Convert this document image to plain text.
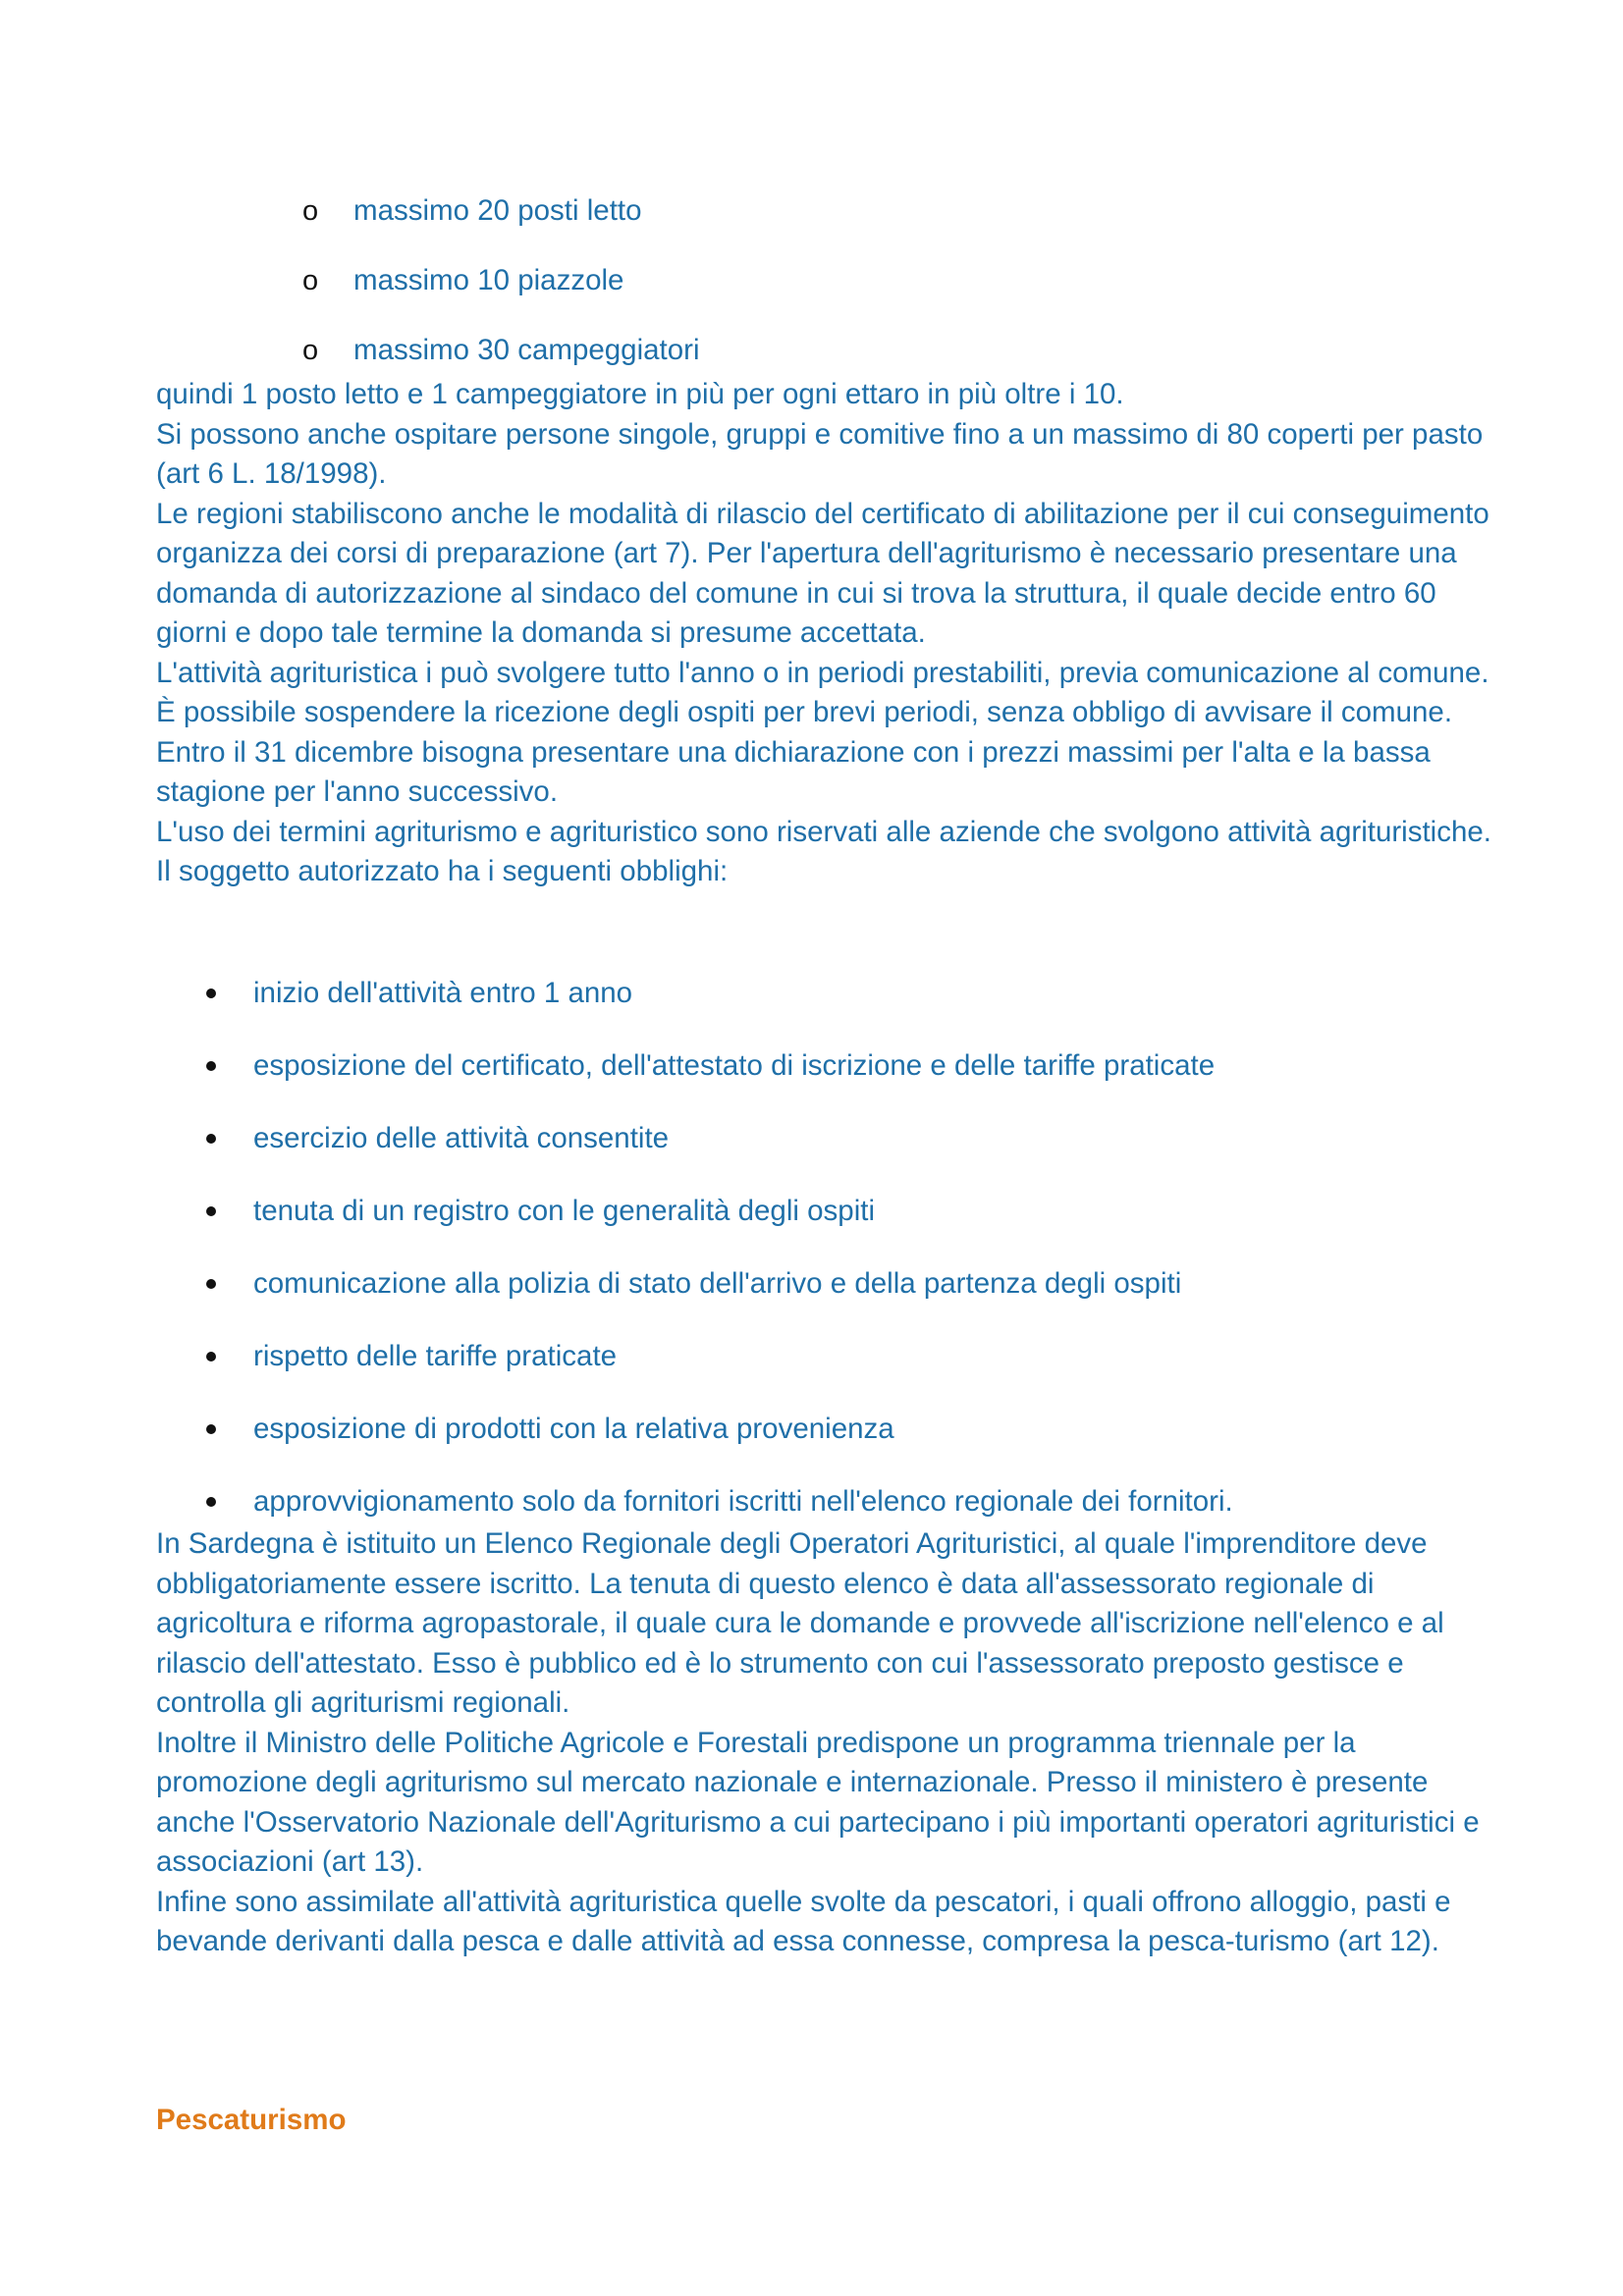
o massimo 20 posti letto
o massimo 10 piazzole
o massimo 30 campeggiatori

quindi 1 posto letto e 1 campeggiatore in più per ogni ettaro in più oltre i 10.

Si possono anche ospitare persone singole, gruppi e comitive fino a un massimo di 80 coperti per pasto (art 6 L. 18/1998).

Le regioni stabiliscono anche le modalità di rilascio del certificato di abilitazione per il cui conseguimento organizza dei corsi di preparazione (art 7). Per l'apertura dell'agriturismo è necessario presentare una domanda di autorizzazione al sindaco del comune in cui si trova la struttura, il quale decide entro 60 giorni e dopo tale termine la domanda si presume accettata.

L'attività agrituristica i può svolgere tutto l'anno o in periodi prestabiliti, previa comunicazione al comune. È possibile sospendere la ricezione degli ospiti per brevi periodi, senza obbligo di avvisare il comune.

Entro il 31 dicembre bisogna presentare una dichiarazione con i prezzi massimi per l'alta e la bassa stagione per l'anno successivo.

L'uso dei termini agriturismo e agrituristico sono riservati alle aziende che svolgono attività agrituristiche.

Il soggetto autorizzato ha i seguenti obblighi:

inizio dell'attività entro 1 anno
esposizione del certificato, dell'attestato di iscrizione e delle tariffe praticate
esercizio delle attività consentite
tenuta di un registro con le generalità degli ospiti
comunicazione alla polizia di stato dell'arrivo e della partenza degli ospiti
rispetto delle tariffe praticate
esposizione di prodotti con la relativa provenienza
approvvigionamento solo da fornitori iscritti nell'elenco regionale dei fornitori.

In Sardegna è istituito un Elenco Regionale degli Operatori Agrituristici, al quale l'imprenditore deve obbligatoriamente essere iscritto. La tenuta di questo elenco è data all'assessorato regionale di agricoltura e riforma agropastorale, il quale cura le domande e provvede all'iscrizione nell'elenco e al rilascio dell'attestato. Esso è pubblico ed è lo strumento con cui l'assessorato preposto gestisce e controlla gli agriturismi regionali.

Inoltre il Ministro delle Politiche Agricole e Forestali predispone un programma triennale per la promozione degli agriturismo sul mercato nazionale e internazionale. Presso il ministero è presente anche l'Osservatorio Nazionale dell'Agriturismo a cui partecipano i più importanti operatori agrituristici e associazioni (art 13).

Infine sono assimilate all'attività agrituristica quelle svolte da pescatori, i quali offrono alloggio, pasti e bevande derivanti dalla pesca e dalle attività ad essa connesse, compresa la pesca-turismo (art 12).

Pescaturismo
